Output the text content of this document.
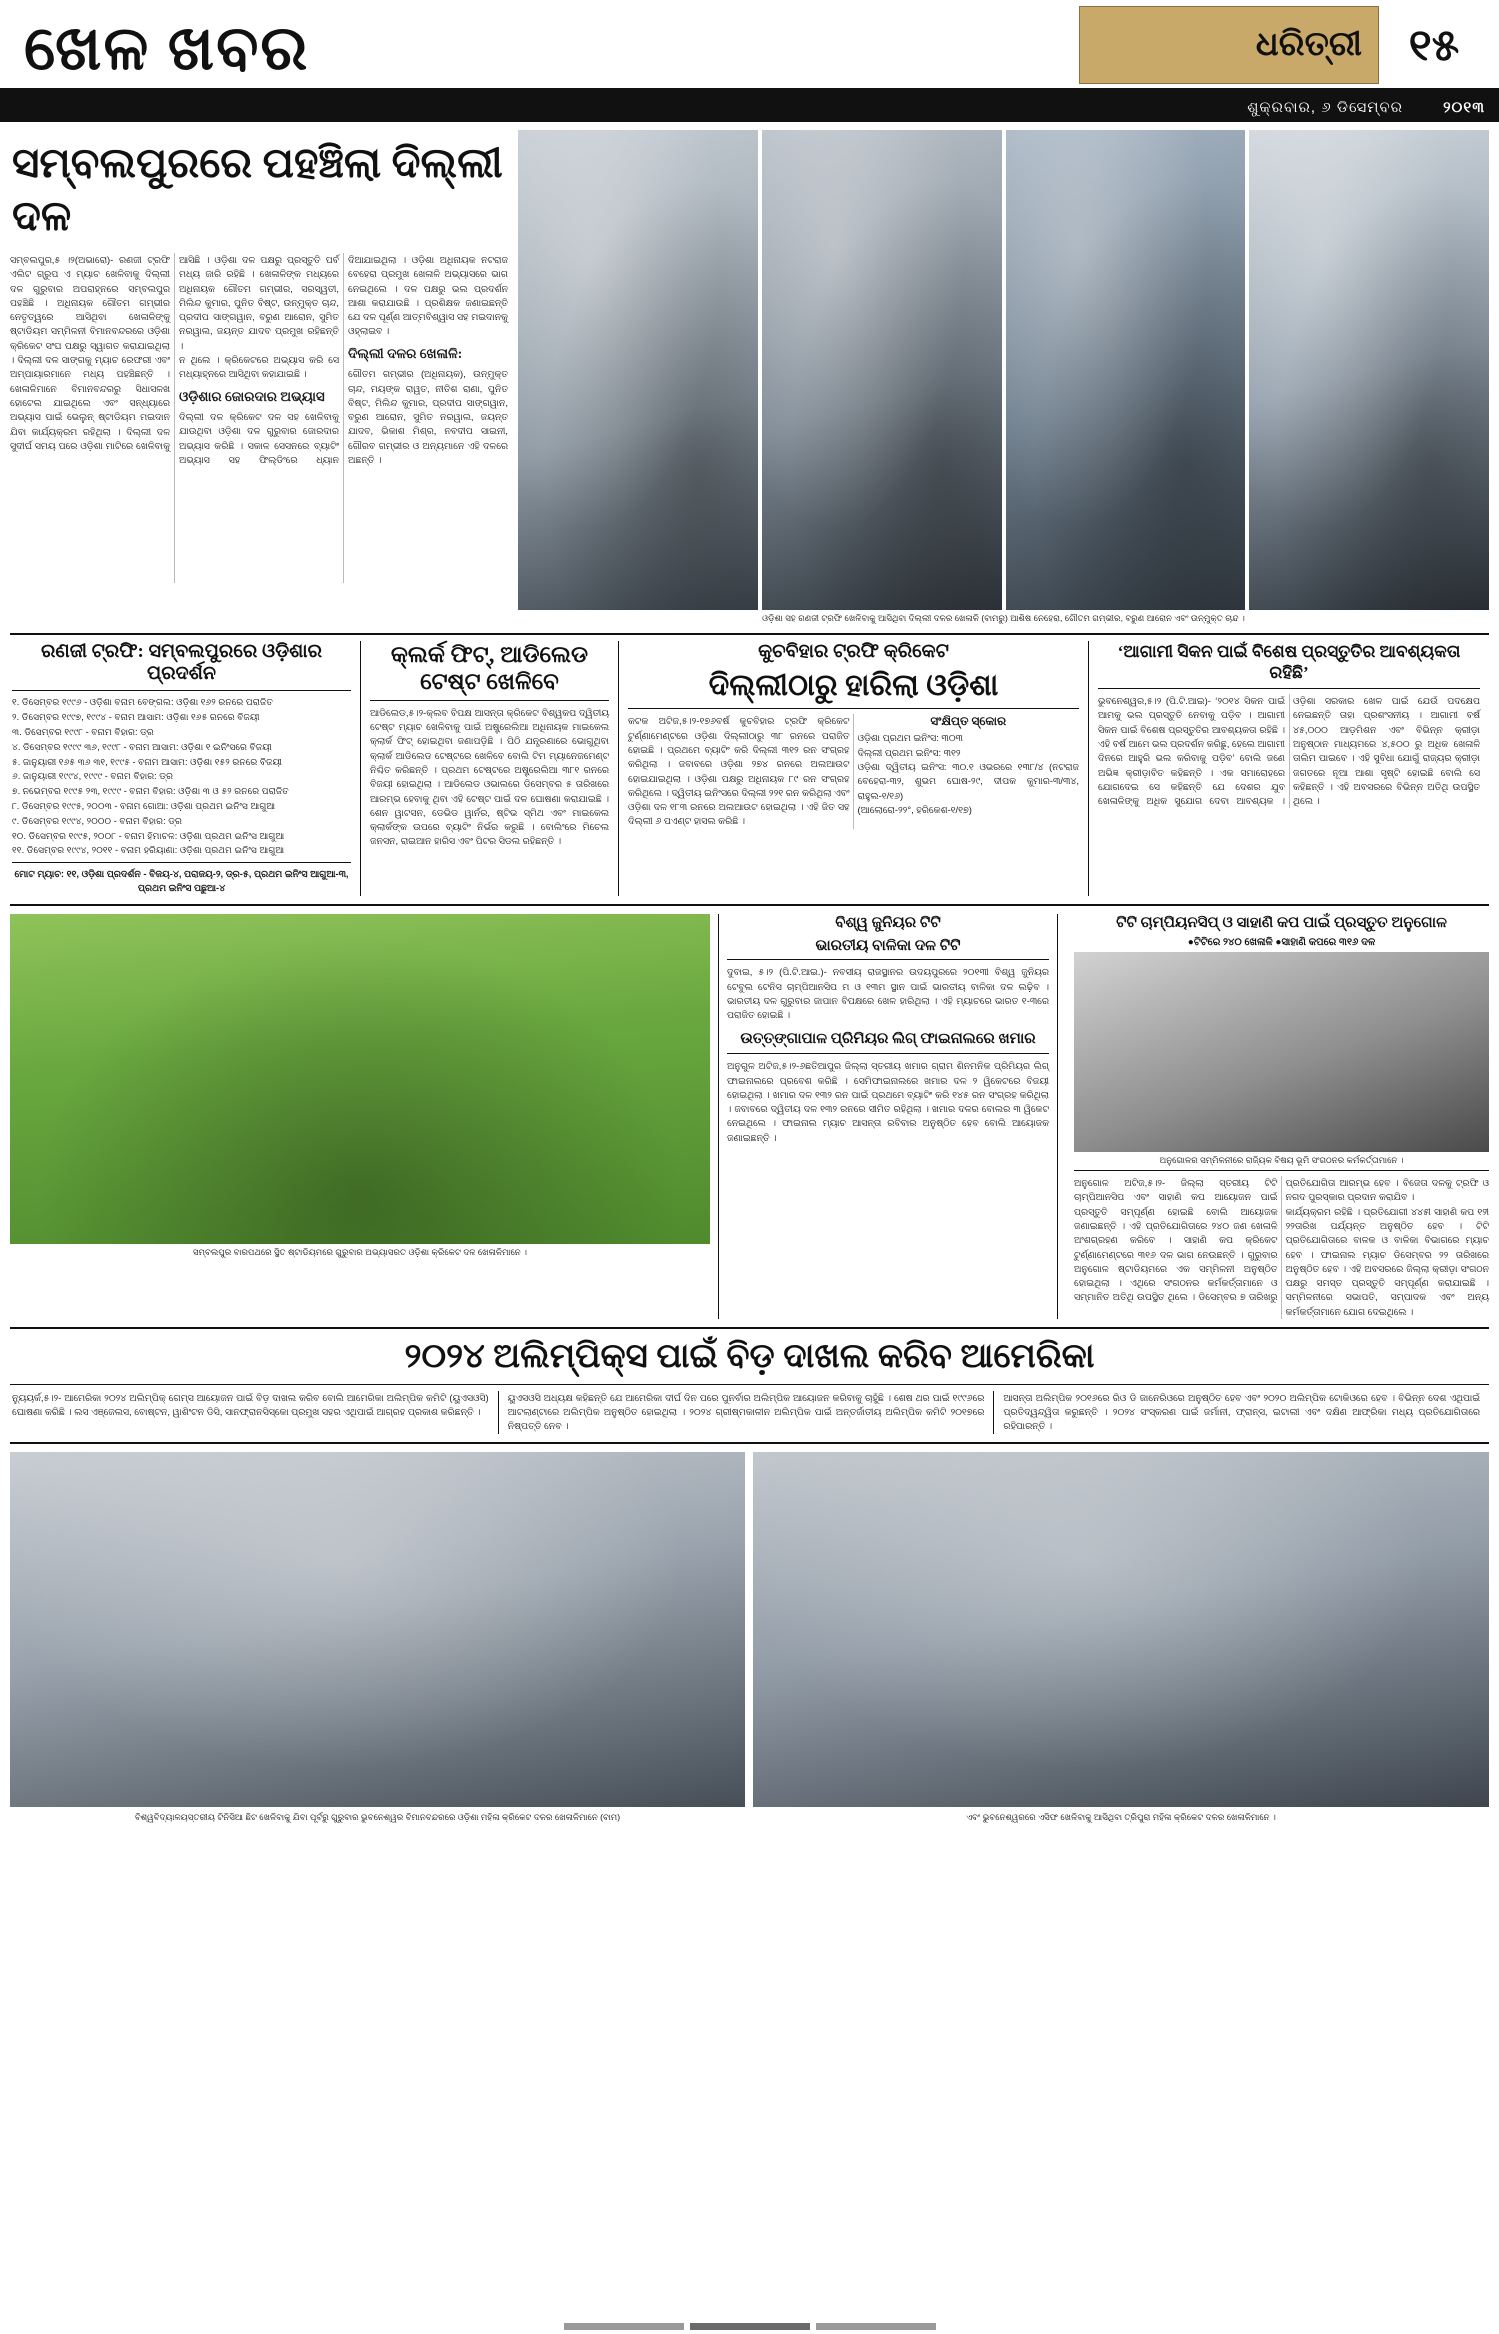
ଖେଳ ଖବର	ଧରିତ୍ରୀ	୧୫
ଶୁକ୍ରବାର, ୬ ଡିସେମ୍ବର	୨୦୧୩
ସମ୍ବଲପୁରରେ ପହଞ୍ଚିଲା ଦିଲ୍ଲୀ ଦଳ
ସମ୍ବଲପୁର,୫ ।୨(ଅଭାରୋ)- ରଣଜୀ ଟ୍ରଫି ଏଲିଟ ଗ୍ରୁପ ଏ ମ୍ୟାଚ ଖେଳିବାକୁ ଦିଲ୍ଲୀ ଦଳ ଗୁରୁବାର ଅପରାହ୍ନରେ ସମ୍ବଲପୁର ପହଞ୍ଚିଛି । ଅଧିନାୟକ ଗୌତମ ଗମ୍ଭୀର ନେତୃତ୍ୱରେ ଆସିଥିବା ଖେଳାଳିଙ୍କୁ ଷ୍ଟାଡିୟମ ସମ୍ମିଳନୀ ବିମାନବନ୍ଦରରେ ଓଡ଼ିଶା କ୍ରିକେଟ ସଂଘ ପକ୍ଷରୁ ସ୍ୱାଗତ କରାଯାଇଥିଲା । ଦିଲ୍ଲୀ ଦଳ ସାଙ୍ଗକୁ ମ୍ୟାଚ ରେଫରୀ ଏବଂ ଅମ୍ପାୟାରମାନେ ମଧ୍ୟ ପହଞ୍ଚିଛନ୍ତି । ଖେଳାଳିମାନେ ବିମାନବନ୍ଦରରୁ ସିଧାସଳଖ ହୋଟେଲ ଯାଇଥିଲେ ଏବଂ ସନ୍ଧ୍ୟାରେ ଅଭ୍ୟାସ ପାଇଁ ଭେଲୁନ୍ ଷ୍ଟାଡିୟମ ମଇଦାନ ଯିବା କାର୍ଯ୍ୟକ୍ରମ ରହିଥିଲା । ଦିଲ୍ଲୀ ଦଳ ସୁଦୀର୍ଘ ସମୟ ପରେ ଓଡ଼ିଶା ମାଟିରେ ଖେଳିବାକୁ ଆସିଛି । ଓଡ଼ିଶା ଦଳ ପକ୍ଷରୁ ପ୍ରସ୍ତୁତି ପର୍ବ ମଧ୍ୟ ଜାରି ରହିଛି । ଖେଳାଳିଙ୍କ ମଧ୍ୟରେ ଅଧିନାୟକ ଗୌତମ ଗମ୍ଭୀର, ସରସ୍ୱତୀ, ମିଲିନ୍ଦ କୁମାର, ପୁନିତ ବିଷ୍ଟ, ଉନ୍ମୁକ୍ତ ଚାନ୍ଦ, ପ୍ରଦୀପ ସାଙ୍ଗୱାନ, ବରୁଣ ଆରୋନ, ସୁମିତ ନରୱାଲ, ଜୟନ୍ତ ଯାଦବ ପ୍ରମୁଖ ରହିଛନ୍ତି ।
ନ ଥିଲେ । କ୍ରିକେଟରେ ଅଭ୍ୟାସ କରି ସେ ମଧ୍ୟାହ୍ନରେ ଆସିଥିବା କହାଯାଇଛି ।
ଓଡ଼ିଶାର ଜୋରଦାର ଅଭ୍ୟାସ
ଦିଲ୍ଲୀ ଦଳ କ୍ରିକେଟ ଦଳ ସହ ଖେଳିବାକୁ ଯାଉଥିବା ଓଡ଼ିଶା ଦଳ ଗୁରୁବାର ଜୋରଦାର ଅଭ୍ୟାସ କରିଛି । ସକାଳ ସେସନରେ ବ୍ୟାଟିଂ ଅଭ୍ୟାସ ସହ ଫିଲ୍ଡିଂରେ ଧ୍ୟାନ ଦିଆଯାଇଥିଲା । ଓଡ଼ିଶା ଅଧିନାୟକ ନଟରାଜ ବେହେରା ପ୍ରମୁଖ ଖେଳାଳି ଅଭ୍ୟାସରେ ଭାଗ ନେଇଥିଲେ । ଦଳ ପକ୍ଷରୁ ଭଲ ପ୍ରଦର୍ଶନ ଆଶା କରାଯାଉଛି । ପ୍ରଶିକ୍ଷକ ଜଣାଇଛନ୍ତି ଯେ ଦଳ ପୂର୍ଣ୍ଣ ଆତ୍ମବିଶ୍ୱାସ ସହ ମଇଦାନକୁ ଓହ୍ଲାଇବ ।
ଦିଲ୍ଲୀ ଦଳର ଖେଳାଳି:
ଗୌତମ ଗମ୍ଭୀର (ଅଧିନାୟକ), ଉନ୍ମୁକ୍ତ ଚାନ୍ଦ, ମୟଙ୍କ ରାୱତ, ନୀତିଶ ରାଣା, ପୁନିତ ବିଷ୍ଟ, ମିଲିନ୍ଦ କୁମାର, ପ୍ରଦୀପ ସାଙ୍ଗୱାନ, ବରୁଣ ଆରୋନ, ସୁମିତ ନରୱାଲ, ଜୟନ୍ତ ଯାଦବ, ଭିକାଶ ମିଶ୍ର, ନବଦୀପ ସାଇନୀ, ଗୌରବ ଗମ୍ଭୀର ଓ ଅନ୍ୟମାନେ ଏହି ଦଳରେ ଅଛନ୍ତି ।
ଓଡ଼ିଶା ସହ ରଣଜୀ ଟ୍ରଫି ଖେଳିବାକୁ ଆସିଥିବା ଦିଲ୍ଲୀ ଦଳର ଖେଳାଳି (ବାମରୁ) ଆଶିଷ ନେହେରା, ଗୌତମ ଗମ୍ଭୀର, ବରୁଣ ଆରୋନ ଏବଂ ଉନ୍ମୁକ୍ତ ଚାନ୍ଦ ।
ରଣଜୀ ଟ୍ରଫି: ସମ୍ବଲପୁରରେ ଓଡ଼ିଶାର ପ୍ରଦର୍ଶନ
୧. ଡିସେମ୍ବର ୧୯୯୬ - ଓଡ଼ିଶା ବନାମ ବେଙ୍ଗଲ: ଓଡ଼ିଶା ୧୬୨ ରନରେ ପରାଜିତ
୨. ଡିସେମ୍ବର ୧୯୯୭, ୧୯୯୪ - ବନାମ ଆସାମ: ଓଡ଼ିଶା ୧୬୫ ରନରେ ବିଜୟୀ
୩. ଡିସେମ୍ବର ୧୯୯୮ - ବନାମ ବିହାର: ଡ୍ର
୪. ଡିସେମ୍ବର ୧୯୯୯ ୩୬, ୧୯୯୮ - ବନାମ ଆସାମ: ଓଡ଼ିଶା ୧ ଇନିଂସରେ ବିଜୟୀ
୫. ଜାନୁୟାରୀ ୧୬୫ ୩୬ ୩୧, ୧୯୯୫ - ବନାମ ଆସାମ: ଓଡ଼ିଶା ୧୫୨ ରନରେ ବିଜୟୀ
୬. ଜାନୁୟାରୀ ୧୯୯୪, ୧୯୯୯ - ବନାମ ବିହାର: ଡ୍ର
୭. ନଭେମ୍ବର ୧୯୯୫ ୨୩, ୧୯୯୯ - ବନାମ ବିହାର: ଓଡ଼ିଶା ୩ ଓ ୫୨ ରନରେ ପରାଜିତ
୮. ଡିସେମ୍ବର ୧୯୯୫, ୨୦୦୩ - ବନାମ ଗୋଆ: ଓଡ଼ିଶା ପ୍ରଥମ ଇନିଂସ ଆଗୁଆ
୯. ଡିସେମ୍ବର ୧୯୯୪, ୨୦୦୦ - ବନାମ ବିହାର: ଡ୍ର
୧୦. ଡିସେମ୍ବର ୧୯୯୫, ୨୦୦୮ - ବନାମ ହିମାଚଳ: ଓଡ଼ିଶା ପ୍ରଥମ ଇନିଂସ ଆଗୁଆ
୧୧. ଡିସେମ୍ବର ୧୯୯୪, ୨୦୧୧ - ବନାମ ହରିୟାଣା: ଓଡ଼ିଶା ପ୍ରଥମ ଇନିଂସ ଆଗୁଆ
ମୋଟ ମ୍ୟାଚ: ୧୧, ଓଡ଼ିଶା ପ୍ରଦର୍ଶନ - ବିଜୟ-୪, ପରାଜୟ-୨, ଡ୍ର-୫, ପ୍ରଥମ ଇନିଂସ ଆଗୁଆ-୩, ପ୍ରଥମ ଇନିଂସ ପଛୁଆ-୪
କ୍ଲର୍କ ଫିଟ୍‌, ଆଡିଲେଡ ଟେଷ୍ଟ ଖେଳିବେ
ଆଡିଲେଡ,୫।୨-କ୍ଲବ ବିପକ୍ଷ ଆସନ୍ତା କ୍ରିକେଟ ବିଶ୍ୱକପ ଦ୍ୱିତୀୟ ଟେଷ୍ଟ ମ୍ୟାଚ ଖେଳିବାକୁ ପାଇଁ ଅଷ୍ଟ୍ରେଲିଆ ଅଧିନାୟକ ମାଇକେଲ କ୍ଲାର୍କ ଫିଟ୍ ହୋଇଥିବା ଜଣାପଡ଼ିଛି । ପିଠି ଯନ୍ତ୍ରଣାରେ ଭୋଗୁଥିବା କ୍ଲାର୍କ ଆଡିଲେଡ ଟେଷ୍ଟରେ ଖେଳିବେ ବୋଲି ଟିମ ମ୍ୟାନେଜମେଣ୍ଟ ନିଶ୍ଚିତ କରିଛନ୍ତି । ପ୍ରଥମ ଟେଷ୍ଟରେ ଅଷ୍ଟ୍ରେଲିଆ ୩୮୧ ରନରେ ବିଜୟୀ ହୋଇଥିଲା । ଆଡିଲେଡ ଓଭାଲରେ ଡିସେମ୍ବର ୫ ତାରିଖରେ ଆରମ୍ଭ ହେବାକୁ ଥିବା ଏହି ଟେଷ୍ଟ ପାଇଁ ଦଳ ଘୋଷଣା କରାଯାଇଛି । ଶେନ ୱାଟସନ, ଡେଭିଡ ୱାର୍ନର, ଷ୍ଟିଭ ସ୍ମିଥ ଏବଂ ମାଇକେଲ କ୍ଲାର୍କଙ୍କ ଉପରେ ବ୍ୟାଟିଂ ନିର୍ଭର କରୁଛି । ବୋଲିଂରେ ମିଚେଲ ଜନସନ, ରାଇଆନ ହାରିସ ଏବଂ ପିଟର ସିଡଲ ରହିଛନ୍ତି ।
କୁଚବିହାର ଟ୍ରଫି କ୍ରିକେଟ
ଦିଲ୍ଲୀଠାରୁ ହାରିଲା ଓଡ଼ିଶା
କଟକ ଅଟିଜ,୫।୨-୧୭୬ବର୍ଷ କୁଚବିହାର ଟ୍ରଫି କ୍ରିକେଟ ଟୁର୍ଣ୍ଣାମେଣ୍ଟରେ ଓଡ଼ିଶା ଦିଲ୍ଲୀଠାରୁ ୩୮ ରନରେ ପରାଜିତ ହୋଇଛି । ପ୍ରଥମେ ବ୍ୟାଟିଂ କରି ଦିଲ୍ଲୀ ୩୧୨ ରନ ସଂଗ୍ରହ କରିଥିଲା । ଜବାବରେ ଓଡ଼ିଶା ୨୭୪ ରନରେ ଅଲଆଉଟ ହୋଇଯାଇଥିଲା । ଓଡ଼ିଶା ପକ୍ଷରୁ ଅଧିନାୟକ ୮୯ ରନ ସଂଗ୍ରହ କରିଥିଲେ । ଦ୍ୱିତୀୟ ଇନିଂସରେ ଦିଲ୍ଲୀ ୨୨୧ ରନ କରିଥିଲା ଏବଂ ଓଡ଼ିଶା ଦଳ ୧୮୩ ରନରେ ଅଲଆଉଟ ହୋଇଥିଲା । ଏହି ଜିତ ସହ ଦିଲ୍ଲୀ ୬ ପଏଣ୍ଟ ହାସଲ କରିଛି ।
ସଂକ୍ଷିପ୍ତ ସ୍କୋର
ଓଡ଼ିଶା ପ୍ରଥମ ଇନିଂସ: ୩୦୩
ଦିଲ୍ଲୀ ପ୍ରଥମ ଇନିଂସ: ୩୧୨
ଓଡ଼ିଶା ଦ୍ୱିତୀୟ ଇନିଂସ: ୩୦.୧ ଓଭରରେ ୧୩୮/୪ (ନଟରାଜ ବେହେରା-୩୨, ଶୁଭମ ଘୋଷ-୨୯, ଦୀପକ କୁମାର-୩/୩୪, ରାହୁଲ-୧/୧୬)
(ଆଲୋରୋ-୨୨°, ହରିକେଶ-୧/୧୭)
‘ଆଗାମୀ ସିକନ ପାଇଁ ବିଶେଷ ପ୍ରସ୍ତୁତିର ଆବଶ୍ୟକତା ରହିଛି’
ଭୁବନେଶ୍ୱର,୫।୨ (ପି.ଟି.ଆଇ)- ‘୨୦୧୪ ସିକନ ପାଇଁ ଆମକୁ ଭଲ ପ୍ରସ୍ତୁତି ନେବାକୁ ପଡ଼ିବ । ଆଗାମୀ ସିକନ ପାଇଁ ବିଶେଷ ପ୍ରସ୍ତୁତିର ଆବଶ୍ୟକତା ରହିଛି । ଏହି ବର୍ଷ ଆମେ ଭଲ ପ୍ରଦର୍ଶନ କରିଛୁ, ହେଲେ ଆଗାମୀ ଦିନରେ ଆହୁରି ଭଲ କରିବାକୁ ପଡ଼ିବ’ ବୋଲି ଜଣେ ଅଭିଜ୍ଞ କ୍ରୀଡ଼ାବିତ କହିଛନ୍ତି । ଏକ ସମାରୋହରେ ଯୋଗଦେଇ ସେ କହିଛନ୍ତି ଯେ ଦେଶର ଯୁବ ଖେଳାଳିଙ୍କୁ ଅଧିକ ସୁଯୋଗ ଦେବା ଆବଶ୍ୟକ । ଓଡ଼ିଶା ସରକାର ଖେଳ ପାଇଁ ଯେଉଁ ପଦକ୍ଷେପ ନେଇଛନ୍ତି ତାହା ପ୍ରଶଂସନୀୟ । ଆଗାମୀ ବର୍ଷ ୪୫,୦୦୦ ଆଡ଼ମିଶନ ଏବଂ ବିଭିନ୍ନ କ୍ରୀଡ଼ା ଅନୁଷ୍ଠାନ ମାଧ୍ୟମରେ ୪,୫୦୦ ରୁ ଅଧିକ ଖେଳାଳି ତାଲିମ ପାଇବେ । ଏହି ସୁବିଧା ଯୋଗୁଁ ରାଜ୍ୟର କ୍ରୀଡ଼ା ଜଗତରେ ନୂଆ ଆଶା ସୃଷ୍ଟି ହୋଇଛି ବୋଲି ସେ କହିଛନ୍ତି । ଏହି ଅବସରରେ ବିଭିନ୍ନ ଅତିଥି ଉପସ୍ଥିତ ଥିଲେ ।
ସମ୍ବଲପୁର ବାରପଥରେ ସ୍ଥିତ ଷ୍ଟାଡିୟମରେ ଗୁରୁବାର ଅଭ୍ୟାସରତ ଓଡ଼ିଶା କ୍ରିକେଟ ଦଳ ଖେଳାଳିମାନେ ।
ବିଶ୍ୱ ଜୁନିୟର ଟିଟି
ଭାରତୀୟ ବାଳିକା ଦଳ ଟିଟି
ଦୁବାଇ, ୫।୨ (ପି.ଟି.ଆଇ.)- ନବସୀୟ ରାଜସ୍ଥାନର ଉଦୟପୁରରେ ୨୦୧୩ୀ ବିଶ୍ୱ ଜୁନିୟର ଟେବୁଲ ଟେନିସ ଚାମ୍ପିଆନସିପ ମ ଓ ୧୩ମ ସ୍ଥାନ ପାଇଁ ଭାରତୀୟ ବାଳିକା ଦଳ ଲଢ଼ିବ । ଭାରତୀୟ ଦଳ ଗୁରୁବାର ଜାପାନ ବିପକ୍ଷରେ ଖେଳ ହାରିଥିଲା । ଏହି ମ୍ୟାଚରେ ଭାରତ ୧-୩ରେ ପରାଜିତ ହୋଇଛି ।
ଉତ୍ତ୍‌ଙ୍ଗାପାଳ ପ୍ରିମିୟର ଲିଗ୍‌ ଫାଇନାଲରେ ଖମାର
ଅନୁଗୁଳ ଅଟିଜ,୫।୨-୬ଛତିଆପୁର ଜିଲ୍ଲା ସ୍ତରୀୟ ଖମାର ଗ୍ରାମ ଶିନମନିକ ପ୍ରିମିୟର ଲିଗ୍‌ ଫାଇନାଲରେ ପ୍ରବେଶ କରିଛି । ସେମିଫାଇନାଲରେ ଖମାର ଦଳ ୨ ୱିକେଟରେ ବିଜୟୀ ହୋଇଥିଲା । ଖମାର ଦଳ ୧୩୨ ରନ ପାଇଁ ପ୍ରଥମେ ବ୍ୟାଟିଂ କରି ୧୪୫ ରନ ସଂଗ୍ରହ କରିଥିଲା । ଜବାବରେ ଦ୍ୱିତୀୟ ଦଳ ୧୩୨ ରନରେ ସୀମିତ ରହିଥିଲା । ଖମାର ଦଳର ବୋଲର ୩ ୱିକେଟ ନେଇଥିଲେ । ଫାଇନାଲ ମ୍ୟାଚ ଆସନ୍ତା ରବିବାର ଅନୁଷ୍ଠିତ ହେବ ବୋଲି ଆୟୋଜକ ଜଣାଇଛନ୍ତି ।
ଟିଟି ଚାମ୍ପିୟନସିପ୍ ଓ ସାହାଣି କପ ପାଇଁ ପ୍ରସ୍ତୁତ ଅନୁଗୋଳ
●ଟିଟିରେ ୨୪୦ ଖେଳାଳି ●ସାହାଣି କପରେ ୩୧୬ ଦଳ
ଅନୁଗୋଳର ସମ୍ମିଳନୀରେ ରାଜ୍ୟିକ ବିଷୟ ଭୂମି ସଂଗଠନର କର୍ମକର୍ତ୍ତାମାନେ ।
ଅନୁଗୋଳ ଅଟିଜ,୫।୨- ଜିଲ୍ଲା ସ୍ତରୀୟ ଟିଟି ଚାମ୍ପିଆନସିପ ଏବଂ ସାହାଣି କପ ଆୟୋଜନ ପାଇଁ ପ୍ରସ୍ତୁତି ସମ୍ପୂର୍ଣ୍ଣ ହୋଇଛି ବୋଲି ଆୟୋଜକ ଜଣାଇଛନ୍ତି । ଏହି ପ୍ରତିଯୋଗିତାରେ ୨୪୦ ଜଣ ଖେଳାଳି ଅଂଶଗ୍ରହଣ କରିବେ । ସାହାଣି କପ କ୍ରିକେଟ ଟୁର୍ଣ୍ଣାମେଣ୍ଟରେ ୩୧୬ ଦଳ ଭାଗ ନେଉଛନ୍ତି । ଗୁରୁବାର ଅନୁଗୋଳ ଷ୍ଟାଡିୟମରେ ଏକ ସମ୍ମିଳନୀ ଅନୁଷ୍ଠିତ ହୋଇଥିଲା । ଏଥିରେ ସଂଗଠନର କର୍ମକର୍ତ୍ତାମାନେ ଓ ସମ୍ମାନିତ ଅତିଥି ଉପସ୍ଥିତ ଥିଲେ । ଡିସେମ୍ବର ୭ ତାରିଖରୁ ପ୍ରତିଯୋଗିତା ଆରମ୍ଭ ହେବ । ବିଜେତା ଦଳକୁ ଟ୍ରଫି ଓ ନଗଦ ପୁରସ୍କାର ପ୍ରଦାନ କରାଯିବ ।
କାର୍ଯ୍ୟକ୍ରମ ରହିଛି । ପ୍ରତିଯୋଗୀ ୪୪୫ୀ ସାହାଣି କପ ୧୨ୀ ୨୨ତାରିଖ ପର୍ଯ୍ୟନ୍ତ ଅନୁଷ୍ଠିତ ହେବ । ଟିଟି ପ୍ରତିଯୋଗିତାରେ ବାଳକ ଓ ବାଳିକା ବିଭାଗରେ ମ୍ୟାଚ ହେବ । ଫାଇନାଲ ମ୍ୟାଚ ଡିସେମ୍ବର ୨୨ ତାରିଖରେ ଅନୁଷ୍ଠିତ ହେବ । ଏହି ଅବସରରେ ଜିଲ୍ଲା କ୍ରୀଡ଼ା ସଂଗଠନ ପକ୍ଷରୁ ସମସ୍ତ ପ୍ରସ୍ତୁତି ସମ୍ପୂର୍ଣ୍ଣ କରାଯାଇଛି । ସମ୍ମିଳନୀରେ ସଭାପତି, ସମ୍ପାଦକ ଏବଂ ଅନ୍ୟ କର୍ମକର୍ତ୍ତାମାନେ ଯୋଗ ଦେଇଥିଲେ ।
୨୦୨୪ ଅଲିମ୍ପିକ୍ସ ପାଇଁ ବିଡ଼ ଦାଖଲ କରିବ ଆମେରିକା
ନ୍ୟୁୟର୍କ,୫।୨- ଆମେରିକା ୨୦୨୪ ଅଲିମ୍ପିକ୍ ଗେମ୍ସ ଆୟୋଜନ ପାଇଁ ବିଡ଼ ଦାଖଲ କରିବ ବୋଲି ଆମେରିକା ଅଲିମ୍ପିକ କମିଟି (ୟୁଏସଓସି) ଘୋଷଣା କରିଛି । ଲସ ଏଞ୍ଜେଲସ, ବୋଷ୍ଟନ, ୱାଶିଂଟନ ଡିସି, ସାନଫ୍ରାନସିସ୍କୋ ପ୍ରମୁଖ ସହର ଏଥିପାଇଁ ଆଗ୍ରହ ପ୍ରକାଶ କରିଛନ୍ତି ।
ୟୁଏସଓସି ଅଧ୍ୟକ୍ଷ କହିଛନ୍ତି ଯେ ଆମେରିକା ଦୀର୍ଘ ଦିନ ପରେ ପୁନର୍ବାର ଅଲିମ୍ପିକ ଆୟୋଜନ କରିବାକୁ ଚାହୁଁଛି । ଶେଷ ଥର ପାଇଁ ୧୯୯୬ରେ ଆଟଲାଣ୍ଟାରେ ଅଲିମ୍ପିକ ଅନୁଷ୍ଠିତ ହୋଇଥିଲା । ୨୦୨୪ ଗ୍ରୀଷ୍ମକାଳୀନ ଅଲିମ୍ପିକ ପାଇଁ ଅନ୍ତର୍ଜାତୀୟ ଅଲିମ୍ପିକ କମିଟି ୨୦୧୭ରେ ନିଷ୍ପତ୍ତି ନେବ ।
ଆସନ୍ତା ଅଲିମ୍ପିକ ୨୦୧୬ରେ ରିଓ ଡି ଜାନେରିଓରେ ଅନୁଷ୍ଠିତ ହେବ ଏବଂ ୨୦୨୦ ଅଲିମ୍ପିକ ଟୋକିଓରେ ହେବ । ବିଭିନ୍ନ ଦେଶ ଏଥିପାଇଁ ପ୍ରତିଦ୍ୱନ୍ଦ୍ୱିତା କରୁଛନ୍ତି । ୨୦୨୪ ସଂସ୍କରଣ ପାଇଁ ଜର୍ମାନୀ, ଫ୍ରାନ୍ସ, ଇଟାଲୀ ଏବଂ ଦକ୍ଷିଣ ଆଫ୍ରିକା ମଧ୍ୟ ପ୍ରତିଯୋଗିତାରେ ରହିପାରନ୍ତି ।
ବିଶ୍ୱବିଦ୍ୟାଳୟସ୍ତରୀୟ ଟିନିସିଆ ଛିଟ ଖେଳିବାକୁ ଯିବା ପୂର୍ବରୁ ଗୁରୁବାର ଭୁବନେଶ୍ୱର ବିମାନବନ୍ଦରରେ ଓଡ଼ିଶା ମହିଳା କ୍ରିକେଟ ଦଳର ଖେଳାଳିମାନେ (ବାମ)	ଏବଂ ଭୁବନେଶ୍ୱରରେ ଏସିଫ ଖେଳିବାକୁ ଆସିଥିବା ତ୍ରିପୁରା ମହିଳା କ୍ରିକେଟ ଦଳର ଖେଳାଳିମାନେ ।
